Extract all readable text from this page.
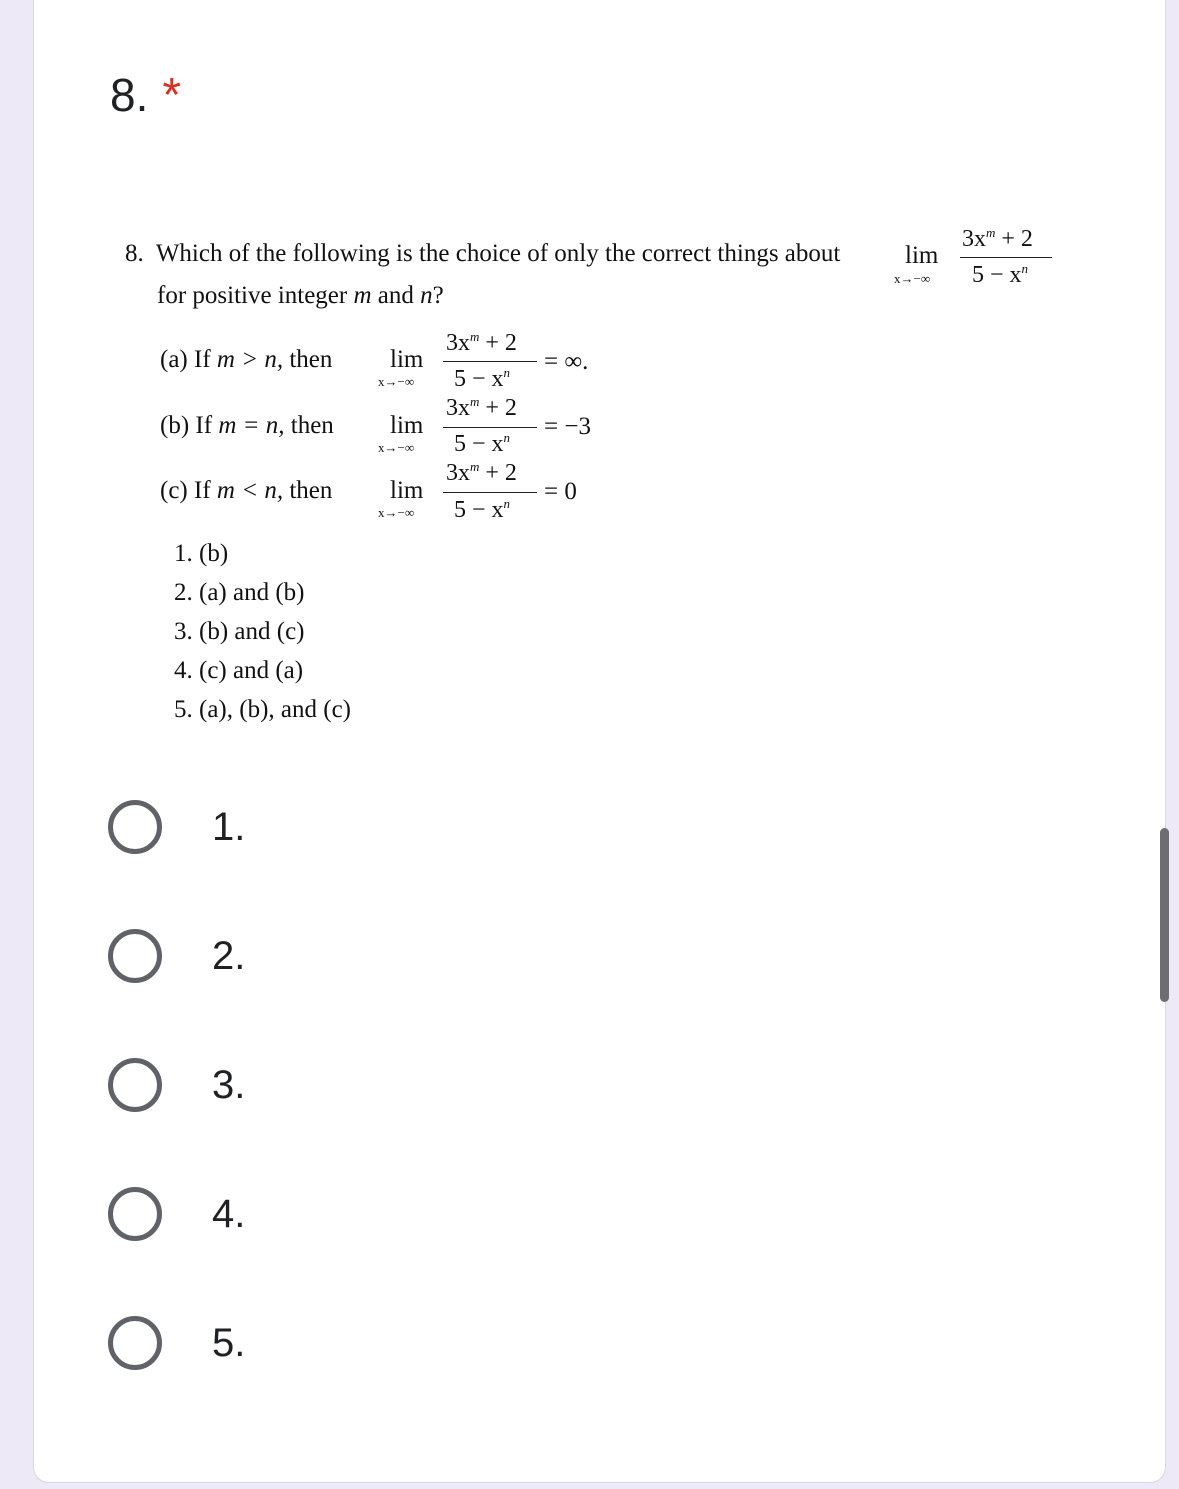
8. *
8. Which of the following is the choice of only the correct things about	lim
x→−∞
$3x^m + 2$
$5 - x^n$
for positive integer m and n?
(a) If m > n, then lim
x→−∞
$3x^m + 2$
$5 - x^n$ = ∞.
(b) If m = n, then lim
x→−∞
$3x^m + 2$
$5 - x^n = -3$
(c) If m < n, then lim
x→−∞
$3x^m + 2$
$5 - x^n = 0$
1. (b)
2. (a) and (b)
3. (b) and (c)
4. (c) and (a)
5. (a), (b), and (c)
1.
2.
3.
4.
5.
